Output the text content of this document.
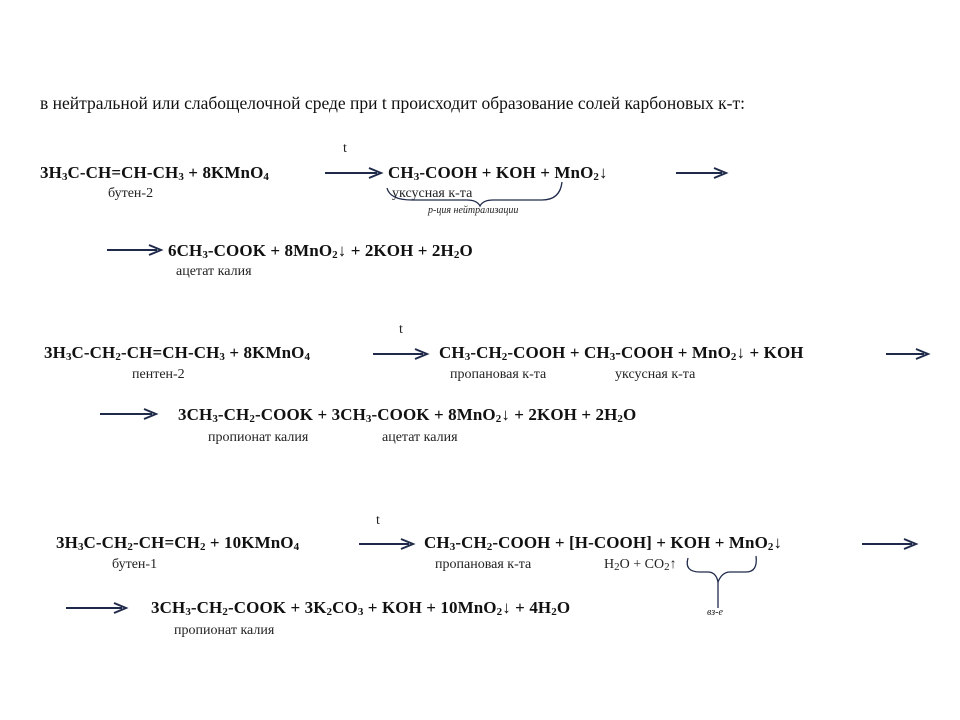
в нейтральной или слабощелочной среде при t происходит образование солей карбоновых к-т:
t
$3H_3C-CH=CH-CH_3$ + 8KMnO$_4$	$CH_3$-COOH + KOH + MnO$_2$↓
бутен-2	уксусная к-та
р-ция нейтрализации
$6CH_3$-COOK + 8MnO$_2$↓ + $2KOH + 2H_2O$
ацетат калия
t
$3H_3C-CH_2-CH=CH-CH_3$ + 8KMnO$_4$	$CH_3-CH_2$-COOH + $CH_3$-COOH + MnO$_2$↓ + KOH
пентен-2	пропановая к-та	уксусная к-та
$3CH_3-CH_2$-COOK + $3CH_3$-COOK + 8MnO$_2$↓ + $2KOH + 2H_2O$
пропионат калия	ацетат калия
t
$3H_3C-CH_2-CH=CH_2$ + 10KMnO$_4$	$CH_3-CH_2$-COOH + [H-COOH] + KOH + MnO$_2$↓
бутен-1	пропановая к-та	$H_2O$ + $CO_2↑$
$3CH_3-CH_2$-COOK + $3K_2CO_3$ + KOH + 10MnO$_2$↓ + $4H_2O$
пропионат калия
вз-е
